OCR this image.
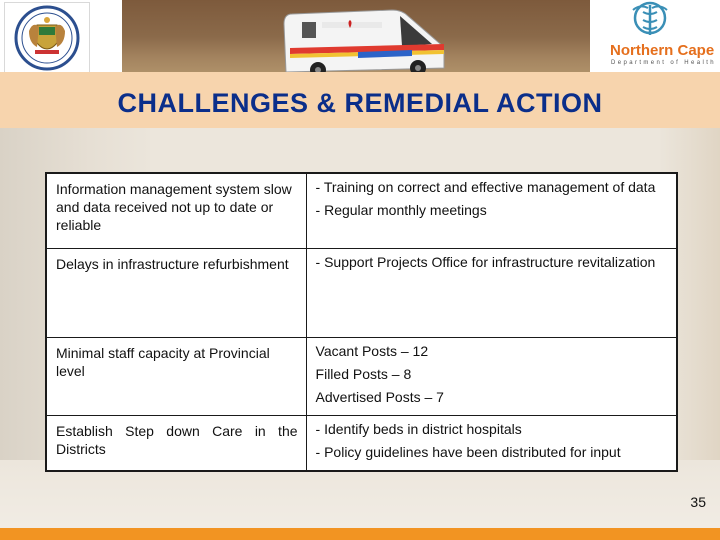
Northern Cape
Department of Health
CHALLENGES & REMEDIAL ACTION
Information management system slow and data received not up to date or reliable	- Training on correct and effective management of data
- Regular monthly meetings

Delays in infrastructure refurbishment	- Support Projects Office for infrastructure revitalization

Minimal staff capacity at Provincial level	Vacant Posts – 12
Filled Posts – 8
Advertised Posts – 7

Establish Step down Care in the Districts	- Identify beds in district hospitals
- Policy guidelines have been distributed for input
35
